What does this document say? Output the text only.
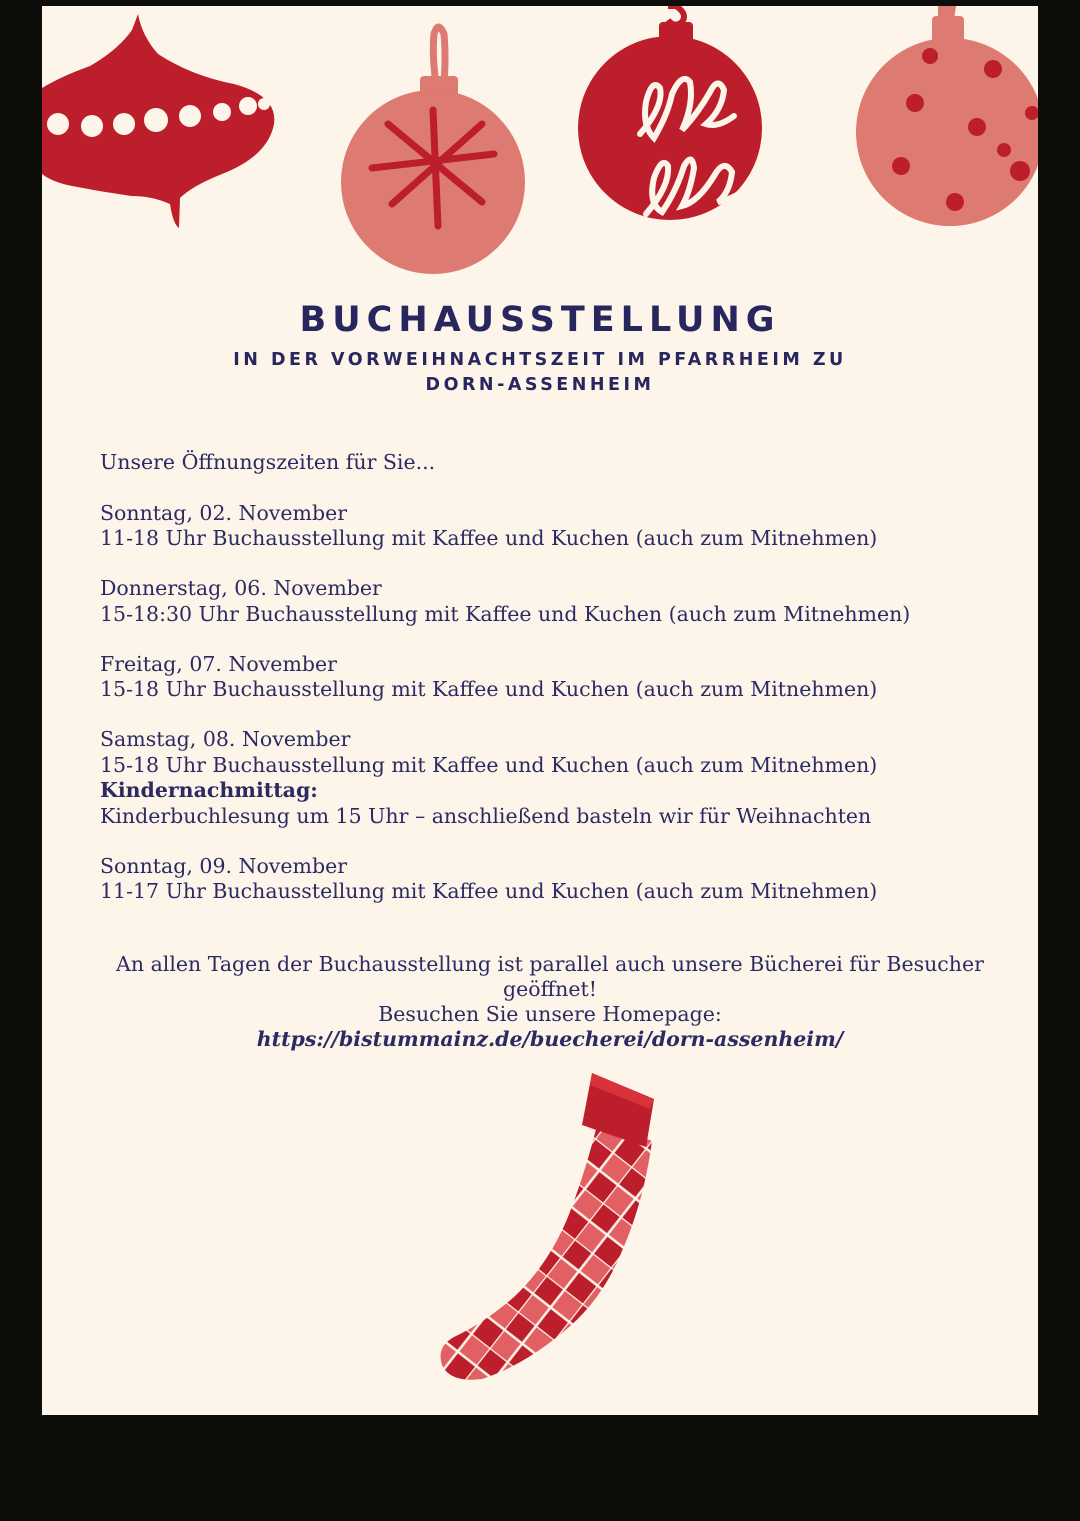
BUCHAUSSTELLUNG
IN DER VORWEIHNACHTSZEIT IM PFARRHEIM ZU DORN-ASSENHEIM

Unsere Öffnungszeiten für Sie...

Sonntag, 02. November
11-18 Uhr Buchausstellung mit Kaffee und Kuchen (auch zum Mitnehmen)
Donnerstag, 06. November
15-18:30 Uhr Buchausstellung mit Kaffee und Kuchen (auch zum Mitnehmen)
Freitag, 07. November
15-18 Uhr Buchausstellung mit Kaffee und Kuchen (auch zum Mitnehmen)
Samstag, 08. November
15-18 Uhr Buchausstellung mit Kaffee und Kuchen (auch zum Mitnehmen)
Kindernachmittag:
Kinderbuchlesung um 15 Uhr – anschließend basteln wir für Weihnachten
Sonntag, 09. November
11-17 Uhr Buchausstellung mit Kaffee und Kuchen (auch zum Mitnehmen)

An allen Tagen der Buchausstellung ist parallel auch unsere Bücherei für Besucher geöffnet!

Besuchen Sie unsere Homepage:

https://bistummainz.de/buecherei/dorn-assenheim/
